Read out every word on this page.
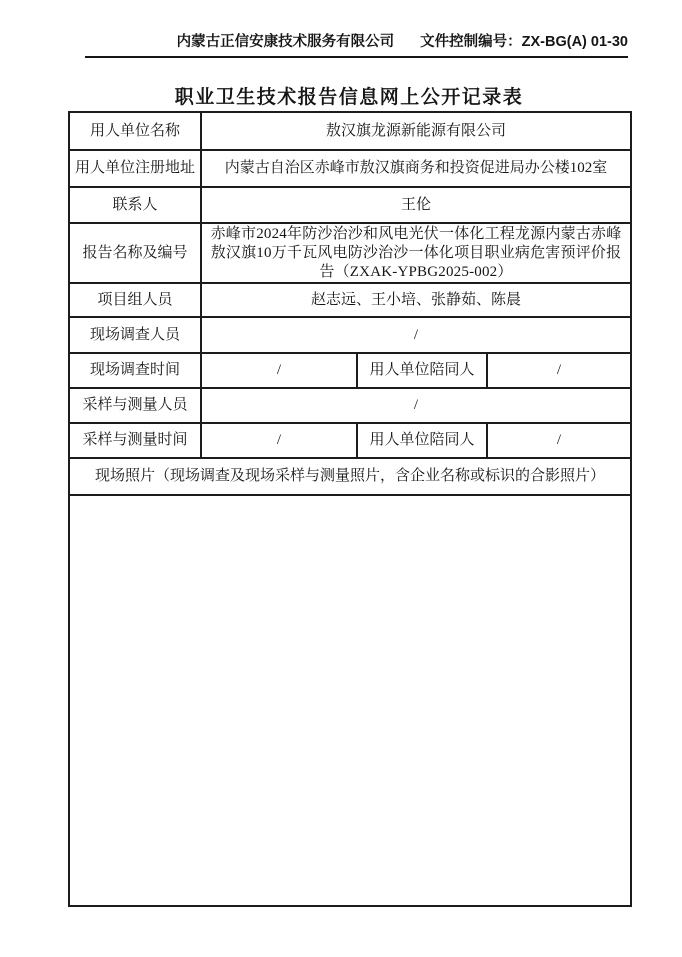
内蒙古正信安康技术服务有限公司 文件控制编号：ZX-BG(A) 01-30
职业卫生技术报告信息网上公开记录表
用人单位名称	敖汉旗龙源新能源有限公司		
用人单位注册地址	内蒙古自治区赤峰市敖汉旗商务和投资促进局办公楼102室		
联系人	王伦		
报告名称及编号	赤峰市2024年防沙治沙和风电光伏一体化工程龙源内蒙古赤峰敖汉旗10万千瓦风电防沙治沙一体化项目职业病危害预评价报告（ZXAK-YPBG2025-002）		
项目组人员	赵志远、王小培、张静茹、陈晨		
现场调查人员	/		
现场调查时间	/	用人单位陪同人	/
采样与测量人员	/		
采样与测量时间	/	用人单位陪同人	/
现场照片（现场调查及现场采样与测量照片，含企业名称或标识的合影照片）			
